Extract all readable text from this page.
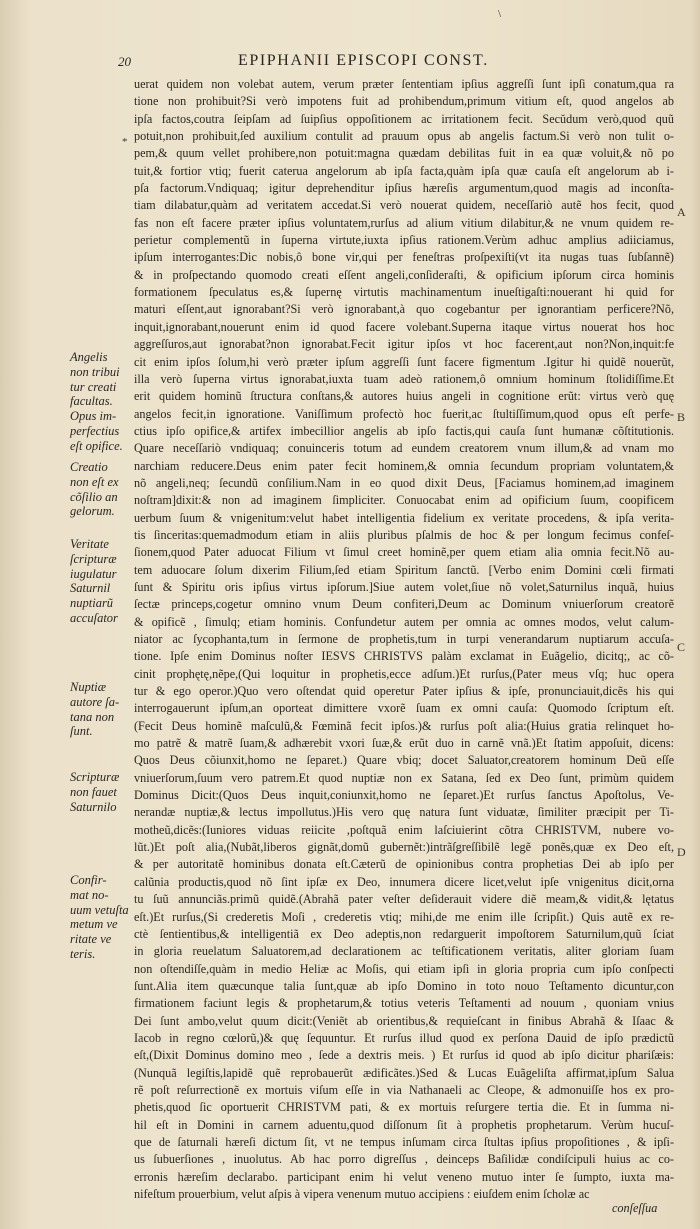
20	EPIPHANII EPISCOPI CONST.
*
\
uerat quidem non volebat autem, verum præter ſententiam ipſius aggreſſi ſunt ipſi conatum,qua ra
tione non prohibuit?Si verò impotens fuit ad prohibendum,primum vitium eſt, quod angelos ab
ipſa factos,coutra ſeipſam ad ſuipſius oppoſitionem ac irritationem fecit. Secŭdum verò,quod quũ
potuit,non prohibuit,ſed auxilium contulit ad prauum opus ab angelis factum.Si verò non tulit o-
pem,& quum vellet prohibere,non potuit:magna quædam debilitas fuit in ea quæ voluit,& nõ po
tuit,& fortior vtiq; fuerit caterua angelorum ab ipſa facta,quàm ipſa quæ cauſa eſt angelorum ab i-
pſa factorum.Vndiquaq; igitur deprehenditur ipſius hæreſis argumentum,quod magis ad inconſta-
tiam dilabatur,quàm ad veritatem accedat.Si verò nouerat quidem, neceſſariò autẽ hos fecit, quod
fas non eſt facere præter ipſius voluntatem,rurſus ad alium vitium dilabitur,& ne vnum quidem re-
perietur complementũ in ſuperna virtute,iuxta ipſius rationem.Verùm adhuc amplius adiiciamus,
ipſum interrogantes:Dic nobis,ô bone vir,qui per feneſtras proſpexiſti(vt ita nugas tuas ſubſannẽ)
& in proſpectando quomodo creati eſſent angeli,conſideraſti, & opificium ipſorum circa hominis
formationem ſpeculatus es,& ſupernę virtutis machinamentum inueſtigaſti:nouerant hi quid for
maturi eſſent,aut ignorabant?Si verò ignorabant,à quo cogebantur per ignorantiam perficere?Nõ,
inquit,ignorabant,nouerunt enim id quod facere volebant.Superna itaque virtus nouerat hos hoc
aggreſſuros,aut ignorabat?non ignorabat.Fecit igitur ipſos vt hoc facerent,aut non?Non,inquit:fe
cit enim ipſos ſolum,hi verò præter ipſum aggreſſi ſunt facere figmentum .Igitur hi quidẽ nouerũt,
illa verò ſuperna virtus ignorabat,iuxta tuam adeò rationem,ô omnium hominum ſtolidiſſime.Et
erit quidem hominũ ſtructura conſtans,& autores huius angeli in cognitione erũt: virtus verò quę
angelos fecit,in ignoratione. Vaniſſimum profectò hoc fuerit,ac ſtultiſſimum,quod opus eſt perfe-
ctius ipſo opifice,& artifex imbecillior angelis ab ipſo factis,qui cauſa ſunt humanæ cõſtitutionis.
Quare neceſſariò vndiquaq; conuinceris totum ad eundem creatorem vnum illum,& ad vnam mo
narchiam reducere.Deus enim pater fecit hominem,& omnia ſecundum propriam voluntatem,&
nõ angeli,neq; ſecundũ conſilium.Nam in eo quod dixit Deus, [Faciamus hominem,ad imaginem
noſtram]dixit:& non ad imaginem ſimpliciter. Conuocabat enim ad opificium ſuum, coopificem
uerbum ſuum & vnigenitum:velut habet intelligentia fidelium ex veritate procedens, & ipſa verita-
tis ſinceritas:quemadmodum etiam in aliis pluribus pſalmis de hoc & per longum fecimus confeſ-
ſionem,quod Pater aduocat Filium vt ſimul creet hominẽ,per quem etiam alia omnia fecit.Nõ au-
tem aduocare ſolum dixerim Filium,ſed etiam Spiritum ſanctũ. [Verbo enim Domini cœli firmati
ſunt & Spiritu oris ipſius virtus ipſorum.]Siue autem volet,ſiue nõ volet,Saturnilus inquã, huius
ſectæ princeps,cogetur omnino vnum Deum confiteri,Deum ac Dominum vniuerſorum creatorẽ
& opificẽ , ſimulq; etiam hominis. Confundetur autem per omnia ac omnes modos, velut calum-
niator ac ſycophanta,tum in ſermone de prophetis,tum in turpi venerandarum nuptiarum accuſa-
tione. Ipſe enim Dominus noſter IESVS CHRISTVS palàm exclamat in Euãgelio, dicitq;, ac cõ-
cinit prophętę,nẽpe,(Qui loquitur in prophetis,ecce adſum.)Et rurſus,(Pater meus vſq; huc opera
tur & ego operor.)Quo vero oſtendat quid operetur Pater ipſius & ipſe, pronunciauit,dicẽs his qui
interrogauerunt ipſum,an oporteat dimittere vxorẽ ſuam ex omni cauſa: Quomodo ſcriptum eſt.
(Fecit Deus hominẽ maſculũ,& Fœminã fecit ipſos.)& rurſus poſt alia:(Huius gratia relinquet ho-
mo patrẽ & matrẽ ſuam,& adhærebit vxori ſuæ,& erũt duo in carnẽ vnã.)Et ſtatim appoſuit, dicens:
Quos Deus cõiunxit,homo ne ſeparet.) Quare vbiq; docet Saluator,creatorem hominum Deũ eſſe
vniuerſorum,ſuum vero patrem.Et quod nuptiæ non ex Satana, ſed ex Deo ſunt, primùm quidem
Dominus Dicit:(Quos Deus inquit,coniunxit,homo ne ſeparet.)Et rurſus ſanctus Apoſtolus, Ve-
nerandæ nuptiæ,& lectus impollutus.)His vero quę natura ſunt viduatæ, ſimiliter præcipit per Ti-
motheũ,dicẽs:(Iuniores viduas reiicite ,poſtquã enim laſciuierint cõtra CHRISTVM, nubere vo-
lũt.)Et poſt alia,(Nubãt,liberos gignãt,domũ gubernẽt:)intrãſgreſſibilẽ legẽ ponẽs,quæ ex Deo eſt,
& per autoritatẽ hominibus donata eſt.Cæterũ de opinionibus contra prophetias Dei ab ipſo per
calũnia productis,quod nõ ſint ipſæ ex Deo, innumera dicere licet,velut ipſe vnigenitus dicit,orna
tu ſuũ annunciãs.primũ quidẽ.(Abrahã pater veſter deſiderauit videre diẽ meam,& vidit,& lętatus
eſt.)Et rurſus,(Si crederetis Moſi , crederetis vtiq; mihi,de me enim ille ſcripſit.) Quis autẽ ex re-
ctè ſentientibus,& intelligentiã ex Deo adeptis,non redarguerit impoſtorem Saturnilum,quũ ſciat
in gloria reuelatum Saluatorem,ad declarationem ac teſtificationem veritatis, aliter gloriam ſuam
non oſtendiſſe,quàm in medio Heliæ ac Moſis, qui etiam ipſi in gloria propria cum ipſo conſpecti
ſunt.Alia item quæcunque talia ſunt,quæ ab ipſo Domino in toto nouo Teſtamento dicuntur,con
firmationem faciunt legis & prophetarum,& totius veteris Teſtamenti ad nouum , quoniam vnius
Dei ſunt ambo,velut quum dicit:(Veniẽt ab orientibus,& requieſcant in finibus Abrahã & Iſaac &
Iacob in regno cœlorũ,)& quę ſequuntur. Et rurſus illud quod ex perſona Dauid de ipſo prædictũ
eſt,(Dixit Dominus domino meo , ſede a dextris meis. ) Et rurſus id quod ab ipſo dicitur phariſæis:
(Nunquã legiſtis,lapidẽ quẽ reprobauerũt ædificãtes.)Sed & Lucas Euãgeliſta affirmat,ipſum Salua
rẽ poſt reſurrectionẽ ex mortuis viſum eſſe in via Nathanaeli ac Cleope, & admonuiſſe hos ex pro-
phetis,quod ſic oportuerit CHRISTVM pati, & ex mortuis reſurgere tertia die. Et in ſumma ni-
hil eſt in Domini in carnem aduentu,quod diſſonum ſit à prophetis prophetarum. Verùm hucuſ-
que de ſaturnali hæreſi dictum ſit, vt ne tempus inſumam circa ſtultas ipſius propoſitiones , & ipſi-
us ſubuerſiones , inuolutus. Ab hac porro digreſſus , deinceps Baſilidæ condiſcipuli huius ac co-
erronis hæreſim declarabo. participant enim hi velut veneno mutuo inter ſe ſumpto, iuxta ma-
nifeſtum prouerbium, velut aſpis à vipera venenum mutuo accipiens : eiuſdem enim ſcholæ ac
conſeſſua
Angelis
non tribui
tur creati
facultas.
Opus im-
perfectius
eſt opifice.
Creatio
non eſt ex
cõſilio an
gelorum.
Veritate
ſcripturæ
iugulatur
Saturnil
nuptiarũ
accuſator
Nuptiæ
autore ſa-
tana non
ſunt.
Scripturæ
non fauet
Saturnilo
Confir-
mat no-
uum vetuſta
metum ve
ritate ve
teris.
A
B
C
D
